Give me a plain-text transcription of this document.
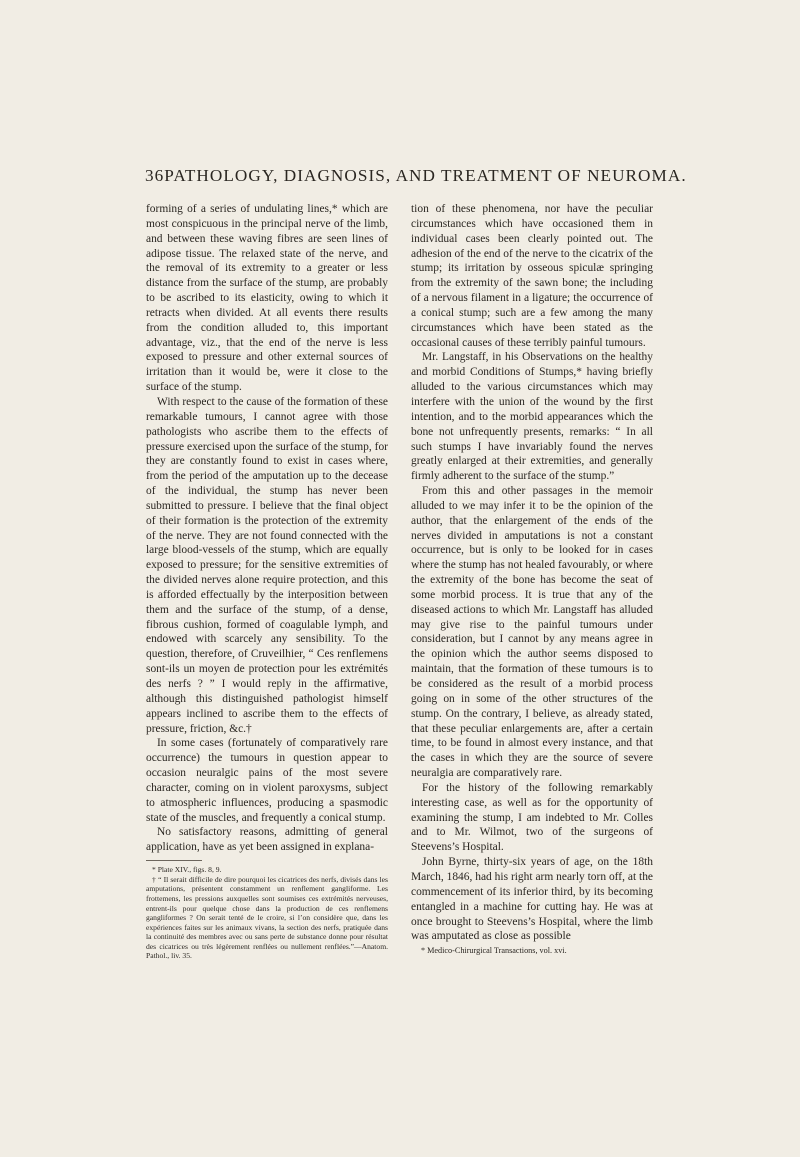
36 PATHOLOGY, DIAGNOSIS, AND TREATMENT OF NEUROMA.

forming of a series of undulating lines,* which are most conspicuous in the principal nerve of the limb, and between these waving fibres are seen lines of adipose tissue. The relaxed state of the nerve, and the removal of its extremity to a greater or less distance from the surface of the stump, are probably to be ascribed to its elasticity, owing to which it retracts when divided. At all events there results from the condition alluded to, this important advantage, viz., that the end of the nerve is less exposed to pressure and other external sources of irritation than it would be, were it close to the surface of the stump.

With respect to the cause of the formation of these remarkable tumours, I cannot agree with those pathologists who ascribe them to the effects of pressure exercised upon the surface of the stump, for they are constantly found to exist in cases where, from the period of the amputation up to the decease of the individual, the stump has never been submitted to pressure. I believe that the final object of their formation is the protection of the extremity of the nerve. They are not found connected with the large blood-vessels of the stump, which are equally exposed to pressure; for the sensitive extremities of the divided nerves alone require protection, and this is afforded effectually by the interposition between them and the surface of the stump, of a dense, fibrous cushion, formed of coagulable lymph, and endowed with scarcely any sensibility. To the question, therefore, of Cruveilhier, “ Ces renflemens sont-ils un moyen de protection pour les extrémités des nerfs ? ” I would reply in the affirmative, although this distinguished pathologist himself appears inclined to ascribe them to the effects of pressure, friction, &c.†

In some cases (fortunately of comparatively rare occurrence) the tumours in question appear to occasion neuralgic pains of the most severe character, coming on in violent paroxysms, subject to atmospheric influences, producing a spasmodic state of the muscles, and frequently a conical stump.

No satisfactory reasons, admitting of general application, have as yet been assigned in explana-

* Plate XIV., figs. 8, 9.

† “ Il serait difficile de dire pourquoi les cicatrices des nerfs, divisés dans les amputations, présentent constamment un renflement gangliforme. Les frottemens, les pressions auxquelles sont soumises ces extrémités nerveuses, entrent-ils pour quelque chose dans la production de ces renflemens gangliformes ? On serait tenté de le croire, si l’on considère que, dans les expériences faites sur les animaux vivans, la section des nerfs, pratiquée dans la continuité des membres avec ou sans perte de substance donne pour résultat des cicatrices ou très légèrement renflées ou nullement renflées.”—Anatom. Pathol., liv. 35.

tion of these phenomena, nor have the peculiar circumstances which have occasioned them in individual cases been clearly pointed out. The adhesion of the end of the nerve to the cicatrix of the stump; its irritation by osseous spiculæ springing from the extremity of the sawn bone; the including of a nervous filament in a ligature; the occurrence of a conical stump; such are a few among the many circumstances which have been stated as the occasional causes of these terribly painful tumours.

Mr. Langstaff, in his Observations on the healthy and morbid Conditions of Stumps,* having briefly alluded to the various circumstances which may interfere with the union of the wound by the first intention, and to the morbid appearances which the bone not unfrequently presents, remarks: “ In all such stumps I have invariably found the nerves greatly enlarged at their extremities, and generally firmly adherent to the surface of the stump.”

From this and other passages in the memoir alluded to we may infer it to be the opinion of the author, that the enlargement of the ends of the nerves divided in amputations is not a constant occurrence, but is only to be looked for in cases where the stump has not healed favourably, or where the extremity of the bone has become the seat of some morbid process. It is true that any of the diseased actions to which Mr. Langstaff has alluded may give rise to the painful tumours under consideration, but I cannot by any means agree in the opinion which the author seems disposed to maintain, that the formation of these tumours is to be considered as the result of a morbid process going on in some of the other structures of the stump. On the contrary, I believe, as already stated, that these peculiar enlargements are, after a certain time, to be found in almost every instance, and that the cases in which they are the source of severe neuralgia are comparatively rare.

For the history of the following remarkably interesting case, as well as for the opportunity of examining the stump, I am indebted to Mr. Colles and to Mr. Wilmot, two of the surgeons of Steevens’s Hospital.

John Byrne, thirty-six years of age, on the 18th March, 1846, had his right arm nearly torn off, at the commencement of its inferior third, by its becoming entangled in a machine for cutting hay. He was at once brought to Steevens’s Hospital, where the limb was amputated as close as possible

* Medico-Chirurgical Transactions, vol. xvi.
